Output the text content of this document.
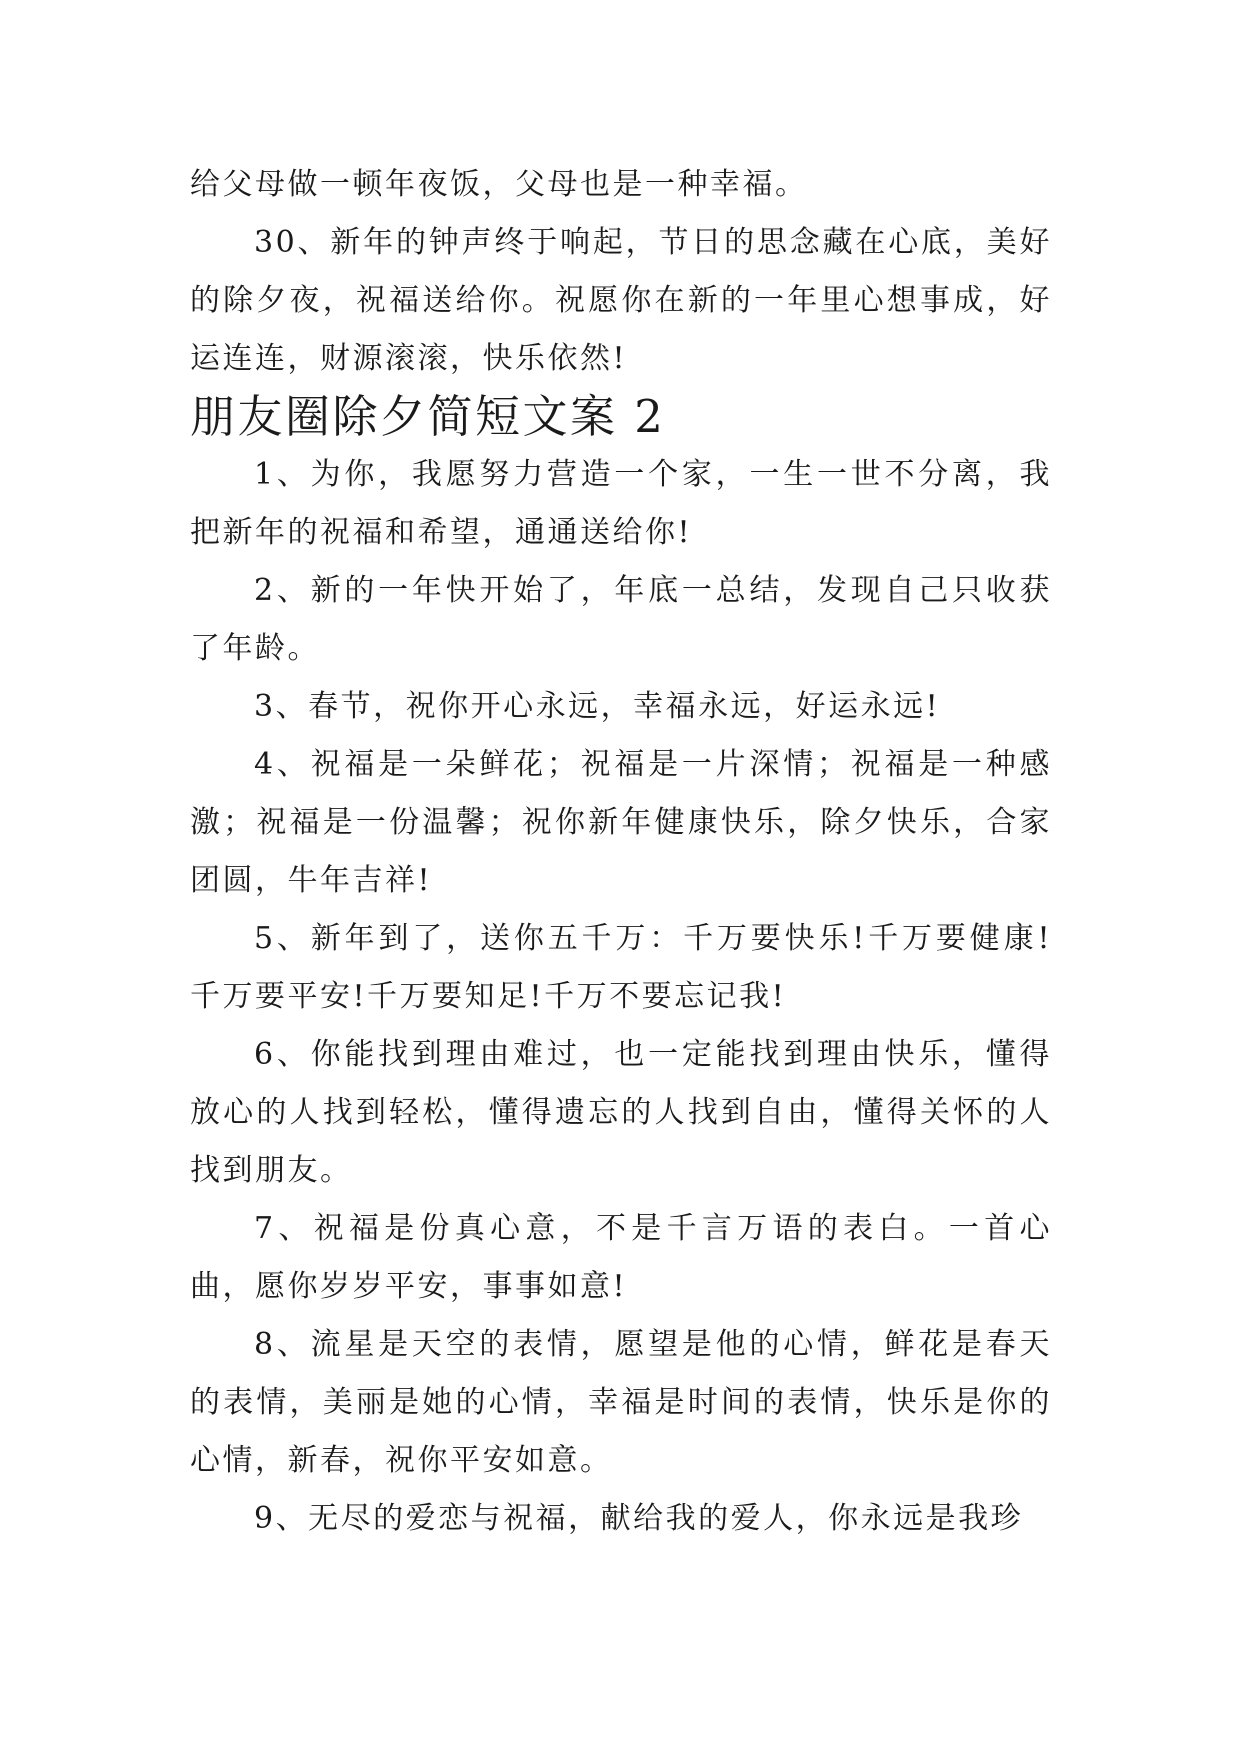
给父母做一顿年夜饭，父母也是一种幸福。

30、新年的钟声终于响起，节日的思念藏在心底，美好的除夕夜，祝福送给你。祝愿你在新的一年里心想事成，好运连连，财源滚滚，快乐依然!

朋友圈除夕简短文案 2

1、为你，我愿努力营造一个家，一生一世不分离，我把新年的祝福和希望，通通送给你!

2、新的一年快开始了，年底一总结，发现自己只收获了年龄。

3、春节，祝你开心永远，幸福永远，好运永远!

4、祝福是一朵鲜花；祝福是一片深情；祝福是一种感激；祝福是一份温馨；祝你新年健康快乐，除夕快乐，合家团圆，牛年吉祥!

5、新年到了，送你五千万：千万要快乐!千万要健康!千万要平安!千万要知足!千万不要忘记我!

6、你能找到理由难过，也一定能找到理由快乐，懂得放心的人找到轻松，懂得遗忘的人找到自由，懂得关怀的人找到朋友。

7、祝福是份真心意，不是千言万语的表白。一首心曲，愿你岁岁平安，事事如意!

8、流星是天空的表情，愿望是他的心情，鲜花是春天的表情，美丽是她的心情，幸福是时间的表情，快乐是你的心情，新春，祝你平安如意。

9、无尽的爱恋与祝福，献给我的爱人，你永远是我珍
